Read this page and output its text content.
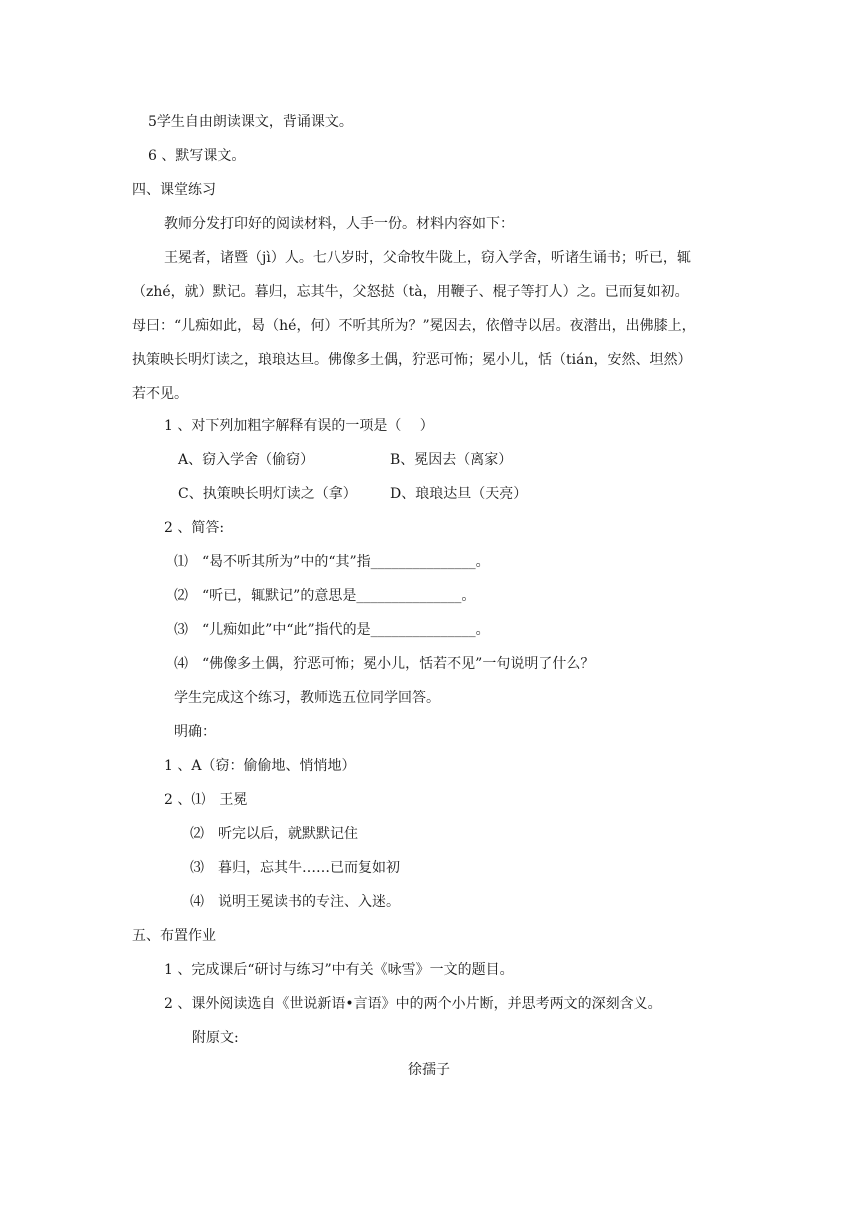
5学生自由朗读课文，背诵课文。
6 、默写课文。
四、课堂练习
教师分发打印好的阅读材料，人手一份。材料内容如下：
王冕者，诸暨（jì）人。七八岁时，父命牧牛陇上，窃入学舍，听诸生诵书；听已，辄
（zhé，就）默记。暮归，忘其牛，父怒挞（tà，用鞭子、棍子等打人）之。已而复如初。
母曰：“儿痴如此，曷（hé，何）不听其所为？”冕因去，依僧寺以居。夜潜出，出佛膝上，
执策映长明灯读之，琅琅达旦。佛像多土偶，狞恶可怖；冕小儿，恬（tián，安然、坦然）
若不见。
1 、对下列加粗字解释有误的一项是（　 ）
A、窃入学舍（偷窃）	B、冕因去（离家）
C、执策映长明灯读之（拿） D、琅琅达旦（天亮）
2 、简答:
⑴　“曷不听其所为”中的“其”指_______________。
⑵　“听已，辄默记”的意思是_______________。
⑶　“儿痴如此”中“此”指代的是_______________。
⑷　“佛像多土偶，狞恶可怖；冕小儿，恬若不见”一句说明了什么？
学生完成这个练习，教师选五位同学回答。
明确：
1 、A（窃：偷偷地、悄悄地）
2 、⑴　王冕
⑵　听完以后，就默默记住
⑶　暮归，忘其牛……已而复如初
⑷　说明王冕读书的专注、入迷。
五、布置作业
1 、完成课后“研讨与练习”中有关《咏雪》一文的题目。
2 、课外阅读选自《世说新语•言语》中的两个小片断，并思考两文的深刻含义。
附原文:
徐孺子
